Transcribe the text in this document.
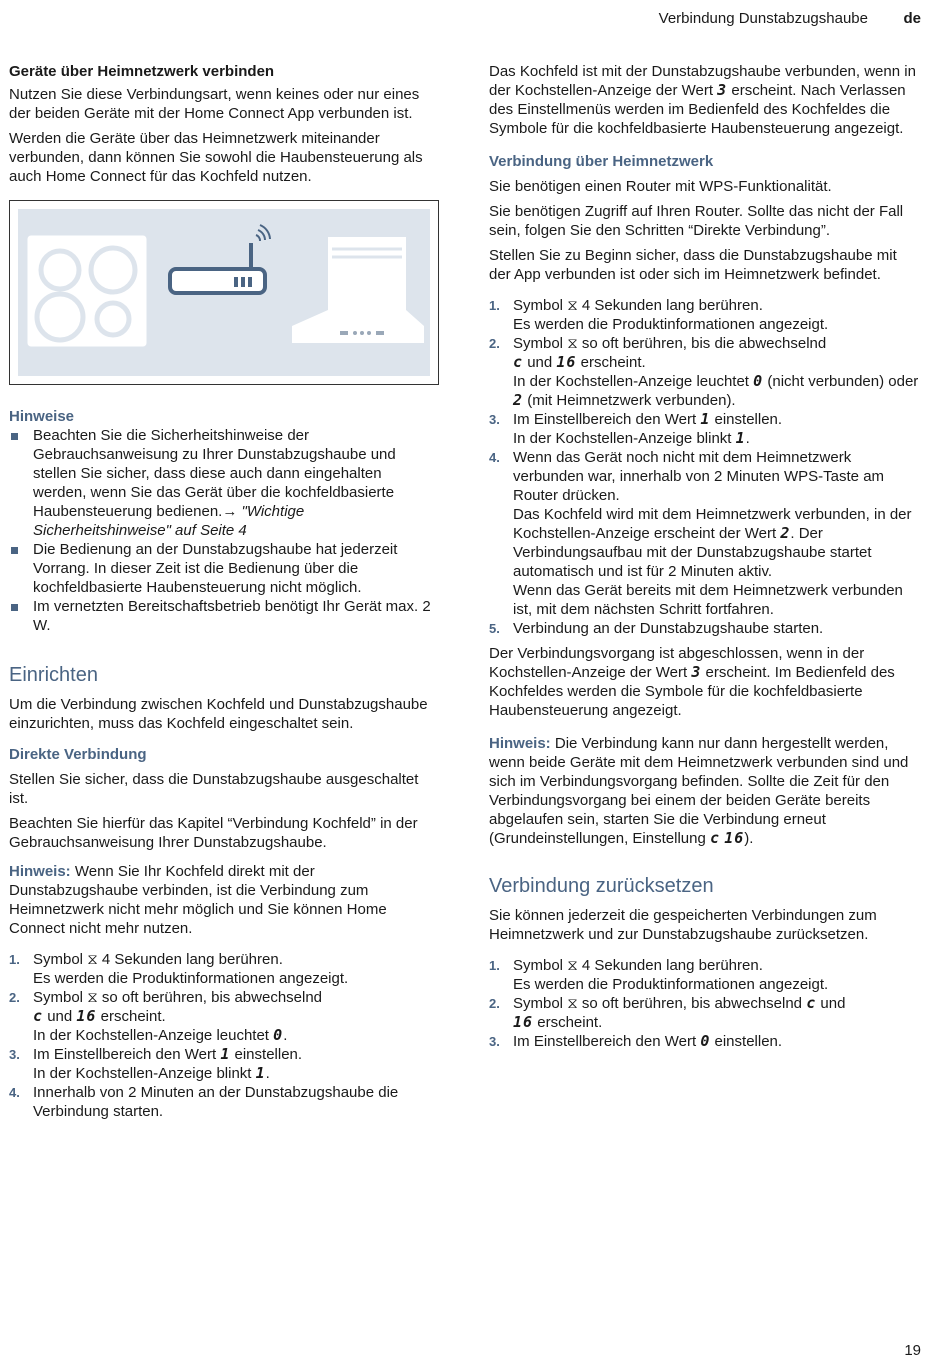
Verbindung Dunstabzugshaube de

Geräte über Heimnetzwerk verbinden

Nutzen Sie diese Verbindungsart, wenn keines oder nur eines der beiden Geräte mit der Home Connect App verbunden ist.

Werden die Geräte über das Heimnetzwerk miteinander verbunden, dann können Sie sowohl die Haubensteuerung als auch Home Connect für das Kochfeld nutzen.

Hinweise

Beachten Sie die Sicherheitshinweise der Gebrauchsanweisung zu Ihrer Dunstabzugshaube und stellen Sie sicher, dass diese auch dann eingehalten werden, wenn Sie das Gerät über die kochfeldbasierte Haubensteuerung bedienen.→ "Wichtige Sicherheitshinweise" auf Seite 4
Die Bedienung an der Dunstabzugshaube hat jederzeit Vorrang. In dieser Zeit ist die Bedienung über die kochfeldbasierte Haubensteuerung nicht möglich.
Im vernetzten Bereitschaftsbetrieb benötigt Ihr Gerät max. 2 W.
Einrichten

Um die Verbindung zwischen Kochfeld und Dunstabzugshaube einzurichten, muss das Kochfeld eingeschaltet sein.

Direkte Verbindung

Stellen Sie sicher, dass die Dunstabzugshaube ausgeschaltet ist.

Beachten Sie hierfür das Kapitel “Verbindung Kochfeld” in der Gebrauchsanweisung Ihrer Dunstabzugshaube.

Hinweis: Wenn Sie Ihr Kochfeld direkt mit der Dunstabzugshaube verbinden, ist die Verbindung zum Heimnetzwerk nicht mehr möglich und Sie können Home Connect nicht mehr nutzen.

1. Symbol ⧖ 4 Sekunden lang berühren.
Es werden die Produktinformationen angezeigt.
2. Symbol ⧖ so oft berühren, bis abwechselnd
c und 16 erscheint.
In der Kochstellen-Anzeige leuchtet 0.
3. Im Einstellbereich den Wert 1 einstellen.
In der Kochstellen-Anzeige blinkt 1.
4. Innerhalb von 2 Minuten an der Dunstabzugshaube die Verbindung starten.

Das Kochfeld ist mit der Dunstabzugshaube verbunden, wenn in der Kochstellen-Anzeige der Wert 3 erscheint. Nach Verlassen des Einstellmenüs werden im Bedienfeld des Kochfeldes die Symbole für die kochfeldbasierte Haubensteuerung angezeigt.

Verbindung über Heimnetzwerk

Sie benötigen einen Router mit WPS-Funktionalität.

Sie benötigen Zugriff auf Ihren Router. Sollte das nicht der Fall sein, folgen Sie den Schritten “Direkte Verbindung”.

Stellen Sie zu Beginn sicher, dass die Dunstabzugshaube mit der App verbunden ist oder sich im Heimnetzwerk befindet.

1. Symbol ⧖ 4 Sekunden lang berühren.
Es werden die Produktinformationen angezeigt.
2. Symbol ⧖ so oft berühren, bis die abwechselnd
c und 16 erscheint.
In der Kochstellen-Anzeige leuchtet 0 (nicht verbunden) oder 2 (mit Heimnetzwerk verbunden).
3. Im Einstellbereich den Wert 1 einstellen.
In der Kochstellen-Anzeige blinkt 1.
4. Wenn das Gerät noch nicht mit dem Heimnetzwerk verbunden war, innerhalb von 2 Minuten WPS-Taste am Router drücken.
Das Kochfeld wird mit dem Heimnetzwerk verbunden, in der Kochstellen-Anzeige erscheint der Wert 2. Der Verbindungsaufbau mit der Dunstabzugshaube startet automatisch und ist für 2 Minuten aktiv.
Wenn das Gerät bereits mit dem Heimnetzwerk verbunden ist, mit dem nächsten Schritt fortfahren.
5. Verbindung an der Dunstabzugshaube starten.

Der Verbindungsvorgang ist abgeschlossen, wenn in der Kochstellen-Anzeige der Wert 3 erscheint. Im Bedienfeld des Kochfeldes werden die Symbole für die kochfeldbasierte Haubensteuerung angezeigt.

Hinweis: Die Verbindung kann nur dann hergestellt werden, wenn beide Geräte mit dem Heimnetzwerk verbunden sind und sich im Verbindungsvorgang befinden. Sollte die Zeit für den Verbindungsvorgang bei einem der beiden Geräte bereits abgelaufen sein, starten Sie die Verbindung erneut (Grundeinstellungen, Einstellung c 16).

Verbindung zurücksetzen

Sie können jederzeit die gespeicherten Verbindungen zum Heimnetzwerk und zur Dunstabzugshaube zurücksetzen.

1. Symbol ⧖ 4 Sekunden lang berühren.
Es werden die Produktinformationen angezeigt.
2. Symbol ⧖ so oft berühren, bis abwechselnd c und
16 erscheint.
3. Im Einstellbereich den Wert 0 einstellen.
19
